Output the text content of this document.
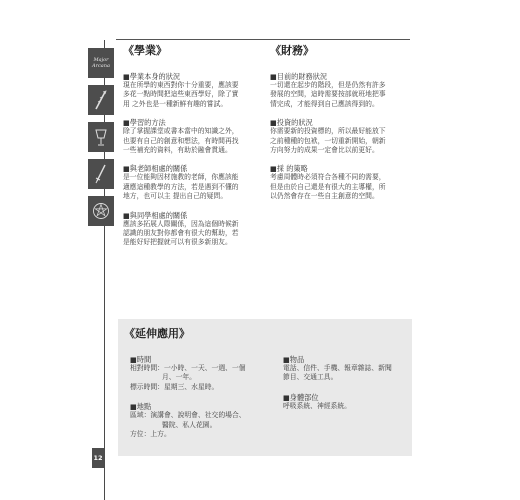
Major
Arcana
《學業》
■學業本身的狀況
現在所學的東西對你十分重要，應該要
多花一點時間把這些東西學好，除了實
用 之外也是一種新鮮有趣的嘗試。
■學習的方法
除了掌握課堂或書本當中的知識之外，
也要有自己的創意和想法，有時間再找
一些補充的資料，有助於融會貫通。
■與老師相處的關係
是一位能夠因材施教的老師，你應該能
適應這種教學的方法，若是遇到不懂的
地方，也可以主 提出自己的疑問。
■與同學相處的關係
應該多拓展人際關係，因為這個時候新
認識的朋友對你都會有很大的幫助，若
是能好好把握就可以有很多新朋友。
《財務》
■目前的財務狀況
一切還在起步的階段，但是仍然有許多
發展的空間，這時需要按部就班地把事
情完成，才能得到自己應該得到的。
■投資的狀況
你需要新的投資標的，所以最好能放下
之前種種的包袱，一切重新開始，朝新
方向努力的成果一定會比以前更好。
■採 的策略
考慮周體時必須符合各種不同的需要，
但是由於自己還是有很大的主導權，所
以仍然會存在一些自主創意的空間。
《延伸應用》
■時間
相對時間：一小時、一天、一週、一個
月、一年。
標示時間：星期三、水星時。
■地點
區域：演講會、說明會、社交的場合、
醫院、私人花園。
方位：上方。
■物品
電話、信件、手機、報章雜誌、新聞
節目、交通工具。
■身體部位
呼吸系統、神經系統。
12
